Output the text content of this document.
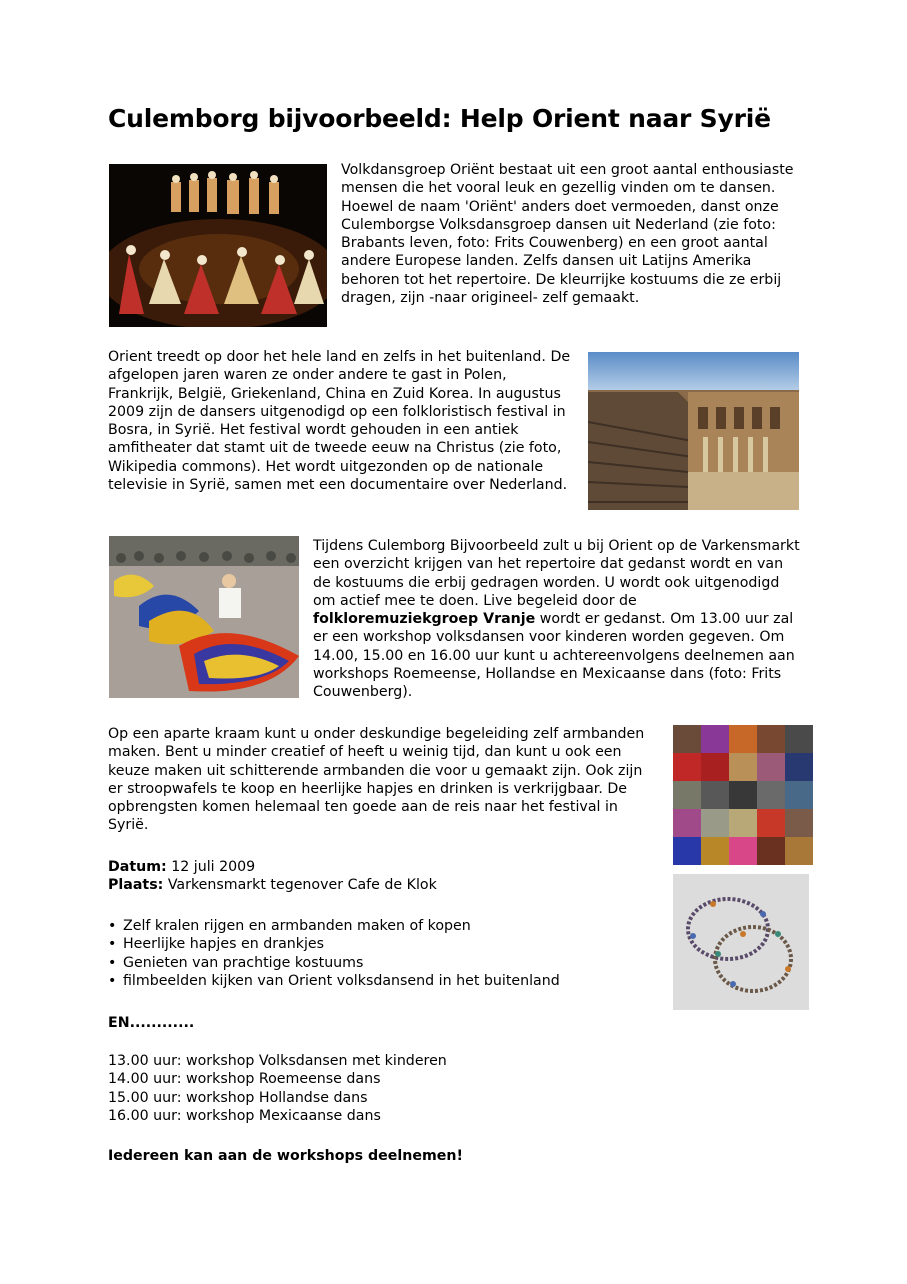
Culemborg bijvoorbeeld: Help Orient naar Syrië

Volkdansgroep Oriënt bestaat uit een groot aantal enthousiaste mensen die het vooral leuk en gezellig vinden om te dansen. Hoewel de naam 'Oriënt' anders doet vermoeden, danst onze Culemborgse Volksdansgroep dansen uit Nederland (zie foto: Brabants leven, foto: Frits Couwenberg) en een groot aantal andere Europese landen. Zelfs dansen uit Latijns Amerika behoren tot het repertoire. De kleurrijke kostuums die ze erbij dragen, zijn -naar origineel- zelf gemaakt.

Orient treedt op door het hele land en zelfs in het buitenland. De afgelopen jaren waren ze onder andere te gast in Polen, Frankrijk, België, Griekenland, China en Zuid Korea. In augustus 2009 zijn de dansers uitgenodigd op een folkloristisch festival in Bosra, in Syrië. Het festival wordt gehouden in een antiek amfitheater dat stamt uit de tweede eeuw na Christus (zie foto, Wikipedia commons). Het wordt uitgezonden op de nationale televisie in Syrië, samen met een documentaire over Nederland.

Tijdens Culemborg Bijvoorbeeld zult u bij Orient op de Varkensmarkt een overzicht krijgen van het repertoire dat gedanst wordt en van de kostuums die erbij gedragen worden. U wordt ook uitgenodigd om actief mee te doen. Live begeleid door de folkloremuziekgroep Vranje wordt er gedanst. Om 13.00 uur zal er een workshop volksdansen voor kinderen worden gegeven. Om 14.00, 15.00 en 16.00 uur kunt u achtereenvolgens deelnemen aan workshops Roemeense, Hollandse en Mexicaanse dans (foto: Frits Couwenberg).

Op een aparte kraam kunt u onder deskundige begeleiding zelf armbanden maken. Bent u minder creatief of heeft u weinig tijd, dan kunt u ook een keuze maken uit schitterende armbanden die voor u gemaakt zijn. Ook zijn er stroopwafels te koop en heerlijke hapjes en drinken is verkrijgbaar. De opbrengsten komen helemaal ten goede aan de reis naar het festival in Syrië.

Datum: 12 juli 2009
Plaats: Varkensmarkt tegenover Cafe de Klok

• Zelf kralen rijgen en armbanden maken of kopen
• Heerlijke hapjes en drankjes
• Genieten van prachtige kostuums
• filmbeelden kijken van Orient volksdansend in het buitenland

EN............

13.00 uur: workshop Volksdansen met kinderen

14.00 uur: workshop Roemeense dans

15.00 uur: workshop Hollandse dans

16.00 uur: workshop Mexicaanse dans

Iedereen kan aan de workshops deelnemen!
